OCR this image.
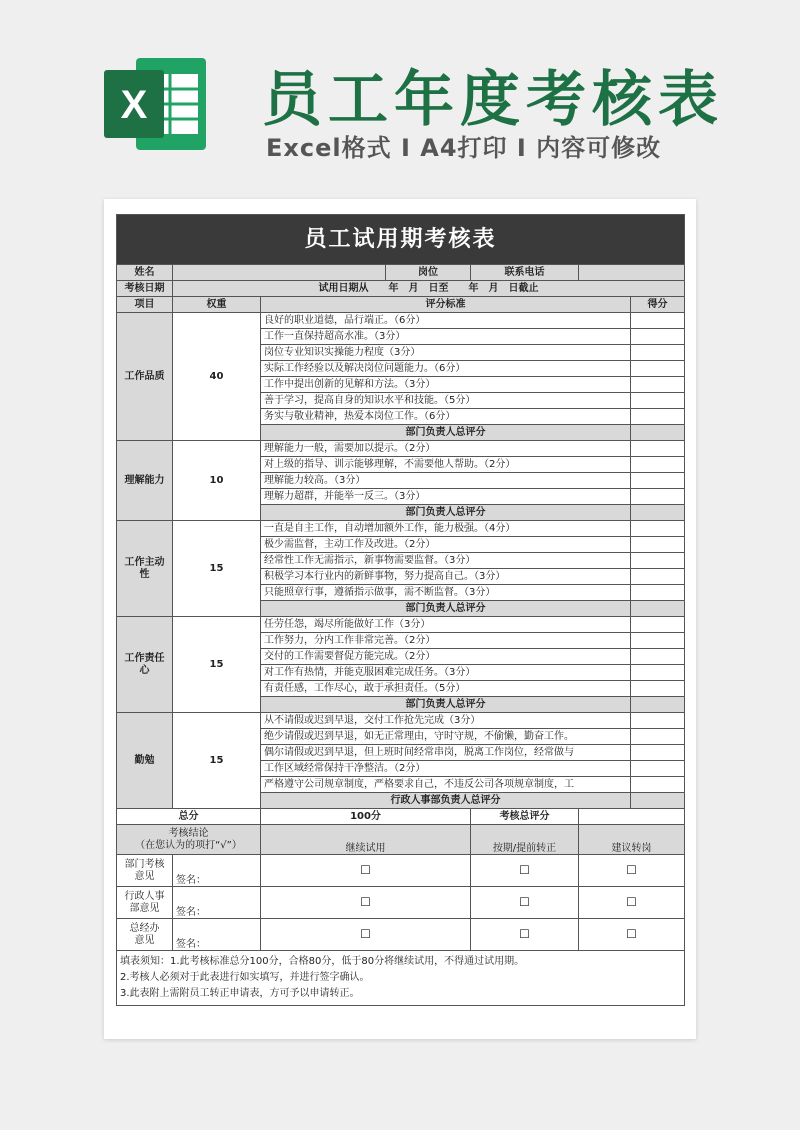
X 员工年度考核表
Excel格式 I A4打印 I 内容可修改
员工试用期考核表						
姓名			岗位	联系电话		
考核日期	试用日期从　　年　月　日至　　年　月　日截止					
项目	权重	评分标准				得分
工作品质	40	良好的职业道德，品行端正。（6分）				
		工作一直保持超高水准。（3分）				
		岗位专业知识实操能力程度（3分）				
		实际工作经验以及解决岗位问题能力。（6分）				
		工作中提出创新的见解和方法。（3分）				
		善于学习，提高自身的知识水平和技能。（5分）				
		务实与敬业精神，热爱本岗位工作。（6分）				
		部门负责人总评分				
理解能力	10	理解能力一般，需要加以提示。（2分）				
		对上级的指导、训示能够理解，不需要他人帮助。（2分）				
		理解能力较高。（3分）				
		理解力超群，并能举一反三。（3分）				
		部门负责人总评分				
工作主动性	15	一直是自主工作，自动增加额外工作，能力极强。（4分）				
		极少需监督，主动工作及改进。（2分）				
		经常性工作无需指示，新事物需要监督。（3分）				
		积极学习本行业内的新鲜事物，努力提高自己。（3分）				
		只能照章行事，遵循指示做事，需不断监督。（3分）				
		部门负责人总评分				
工作责任心	15	任劳任怨，竭尽所能做好工作（3分）				
		工作努力，分内工作非常完善。（2分）				
		交付的工作需要督促方能完成。（2分）				
		对工作有热情，并能克服困难完成任务。（3分）				
		有责任感，工作尽心，敢于承担责任。（5分）				
		部门负责人总评分				
勤勉	15	从不请假或迟到早退，交付工作抢先完成（3分）				
		绝少请假或迟到早退，如无正常理由，守时守规，不偷懒，勤奋工作。				
		偶尔请假或迟到早退，但上班时间经常串岗，脱离工作岗位，经常做与				
		工作区域经常保持干净整洁。（2分）				
		严格遵守公司规章制度，严格要求自己，不违反公司各项规章制度，工				
		行政人事部负责人总评分				
总分		100分		考核总评分		

考核结论
（在您认为的项打“√”）		继续试用		按期/提前转正	建议转岗	

部门考核
意见	签名：	☐		☐	☐	

行政人事
部意见	签名：	☐		☐	☐	

总经办
意见	签名：	☐		☐	☐	

填表须知：1.此考核标准总分100分，合格80分，低于80分将继续试用，不得通过试用期。
2.考核人必须对于此表进行如实填写，并进行签字确认。
3.此表附上需附员工转正申请表，方可予以申请转正。						
